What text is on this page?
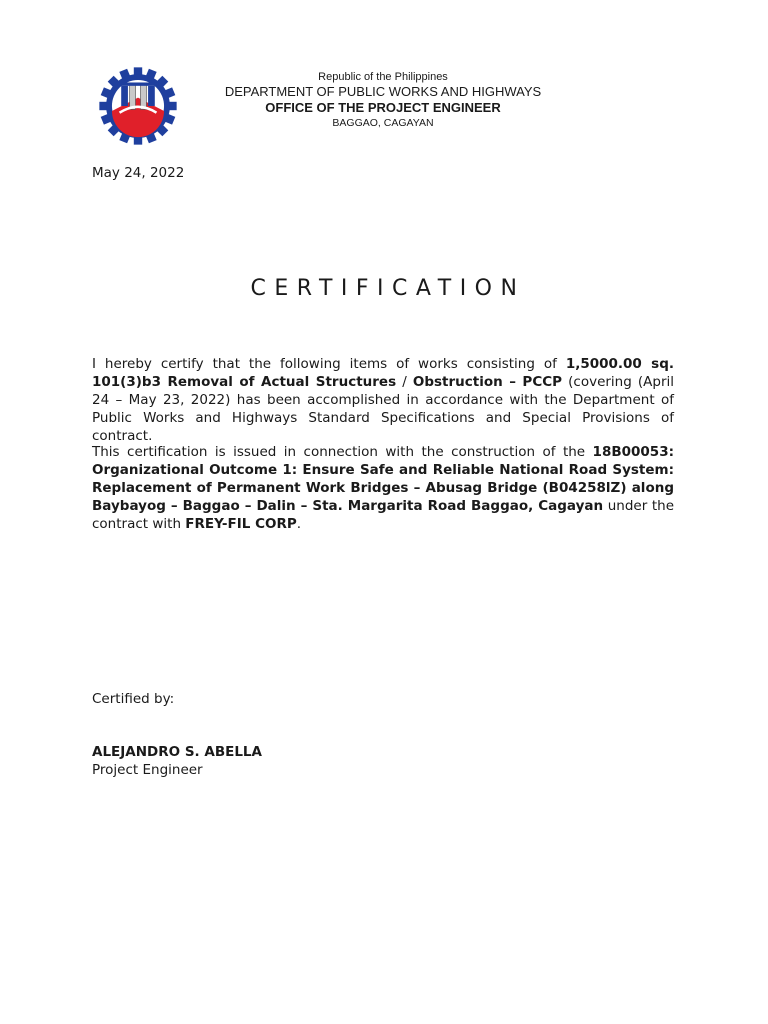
Republic of the Philippines
DEPARTMENT OF PUBLIC WORKS AND HIGHWAYS
OFFICE OF THE PROJECT ENGINEER
BAGGAO, CAGAYAN
May 24, 2022
CERTIFICATION
I hereby certify that the following items of works consisting of 1,5000.00 sq. 101(3)b3 Removal of Actual Structures / Obstruction – PCCP (covering (April 24 – May 23, 2022) has been accomplished in accordance with the Department of Public Works and Highways Standard Specifications and Special Provisions of contract.
This certification is issued in connection with the construction of the 18B00053: Organizational Outcome 1: Ensure Safe and Reliable National Road System: Replacement of Permanent Work Bridges – Abusag Bridge (B04258lZ) along Baybayog – Baggao – Dalin – Sta. Margarita Road Baggao, Cagayan under the contract with FREY-FIL CORP.
Certified by:
ALEJANDRO S. ABELLA
Project Engineer
